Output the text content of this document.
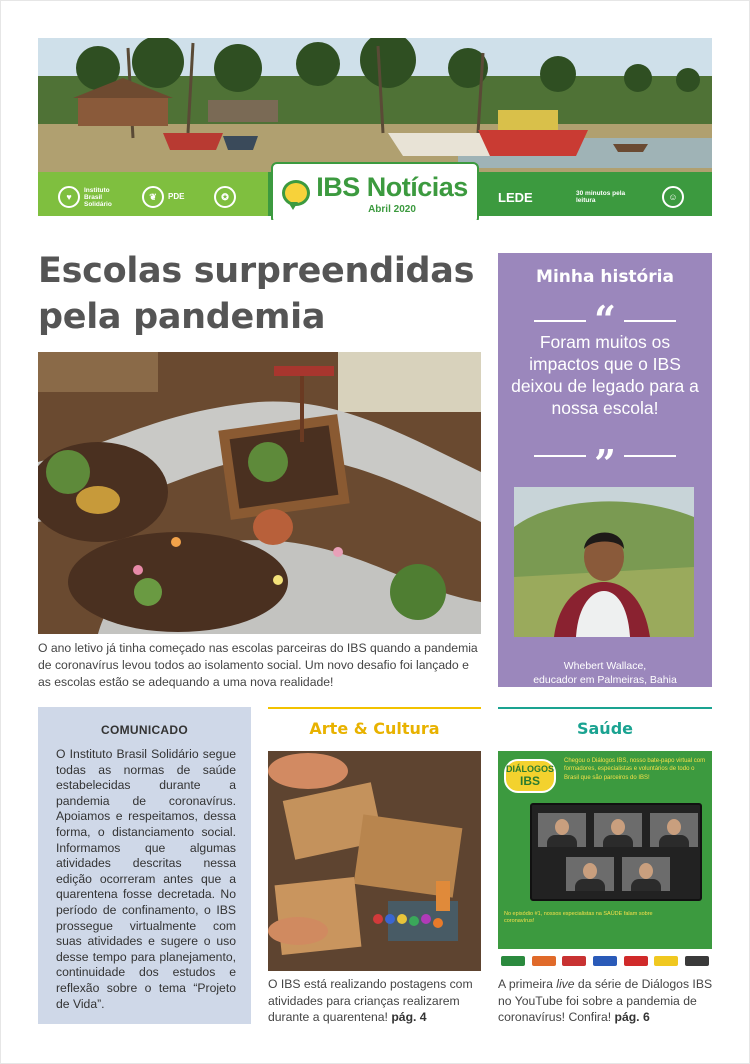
♥
Instituto Brasil Solidário
❦	PDE	✪	LEDE	30 minutos pela leitura	☺
IBS Notícias
Abril 2020
Escolas surpreendidas pela pandemia

O ano letivo já tinha começado nas escolas parceiras do IBS quando a pandemia de coronavírus levou todos ao isolamento social. Um novo desafio foi lançado e as escolas estão se adequando a uma nova realidade!

Minha história
“
Foram muitos os impactos que o IBS deixou de legado para a nossa escola!
”
Whebert Wallace,
educador em Palmeiras, Bahia
COMUNICADO

O Instituto Brasil Solidário segue todas as normas de saúde estabelecidas durante a pandemia de coronavírus. Apoiamos e respeitamos, dessa forma, o distanciamento social. Informamos que algumas atividades descritas nessa edição ocorreram antes que a quarentena fosse decretada. No período de confinamento, o IBS prossegue virtualmente com suas atividades e sugere o uso desse tempo para planejamento, continuidade dos estudos e reflexão sobre o tema “Projeto de Vida”.

Arte & Cultura

O IBS está realizando postagens com atividades para crianças realizarem durante a quarentena! pág. 4

Saúde
DIÁLOGOS
IBS
Chegou o Diálogos IBS, nosso bate-papo virtual com formadores, especialistas e voluntários de todo o Brasil que são parceiros do IBS!
No episódio #1, nossos especialistas na SAÚDE falam sobre coronavírus!

A primeira live da série de Diálogos IBS no YouTube foi sobre a pandemia de coronavírus! Confira! pág. 6
